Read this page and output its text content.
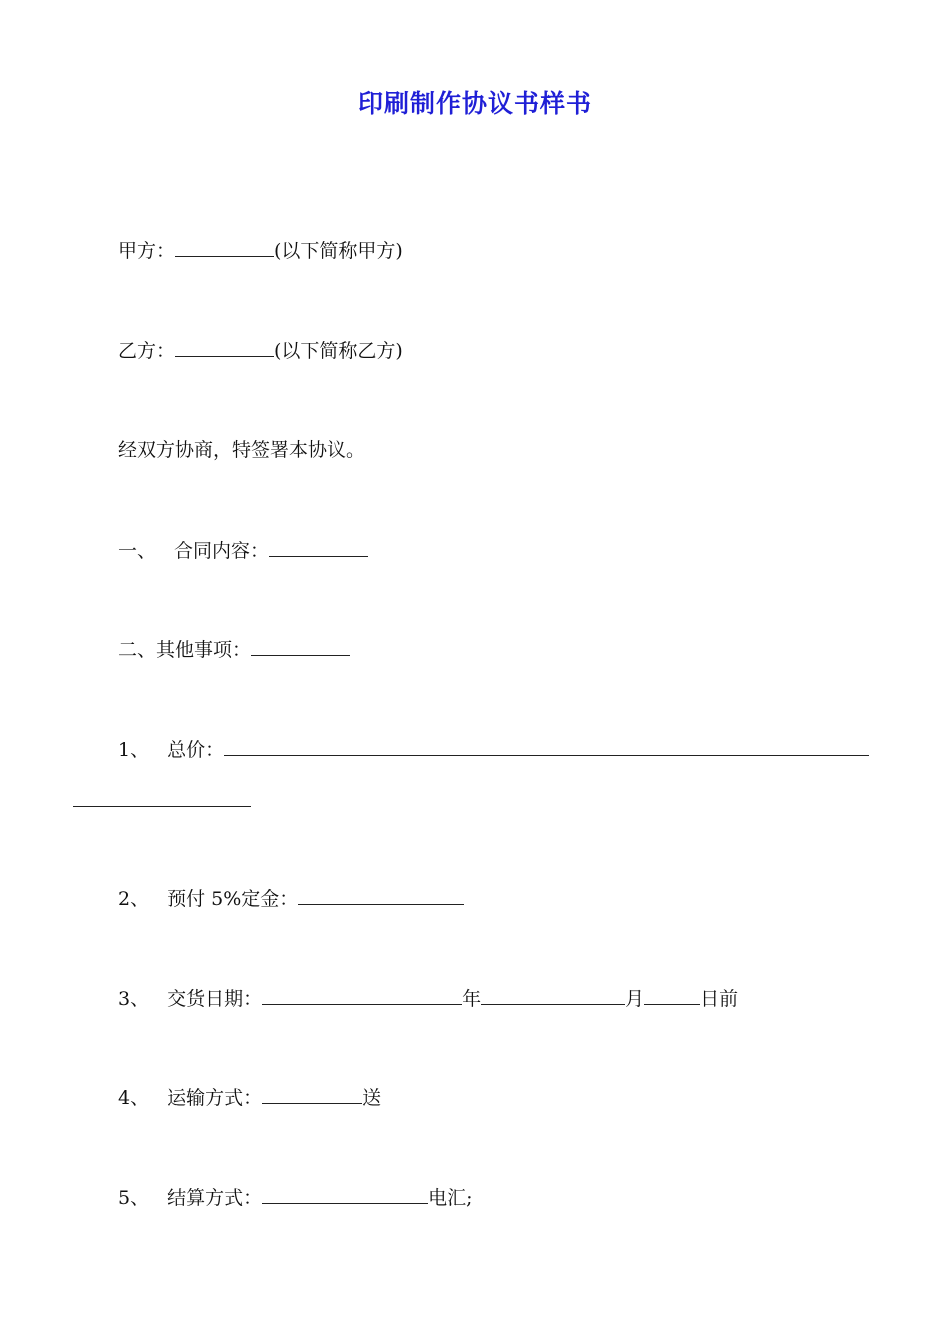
印刷制作协议书样书
甲方：	(以下简称甲方)
乙方：	(以下简称乙方)
经双方协商，特签署本协议。
一、 合同内容：
二、其他事项：
1、 总价：
2、 预付 5%定金：
3、 交货日期：	年	月	日前
4、 运输方式：	送
5、 结算方式：	电汇;
